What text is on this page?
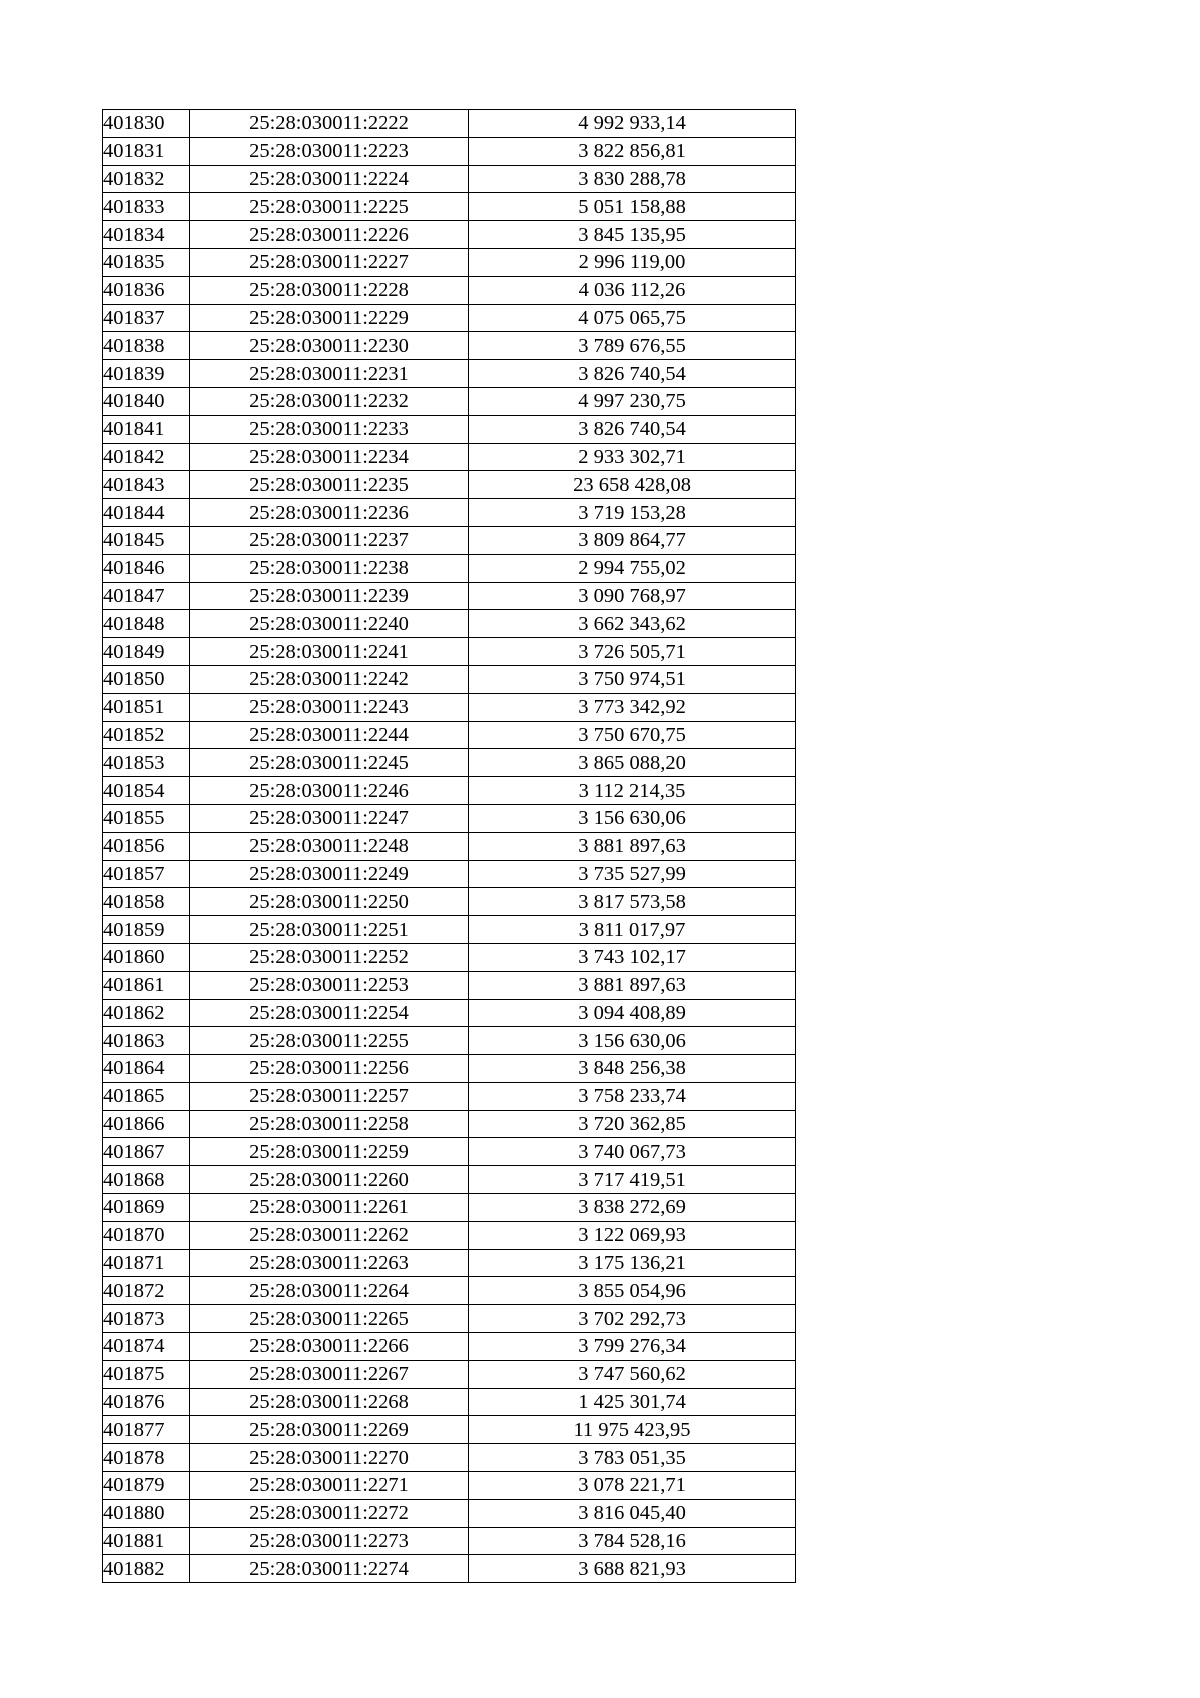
401830	25:28:030011:2222	4 992 933,14
401831	25:28:030011:2223	3 822 856,81
401832	25:28:030011:2224	3 830 288,78
401833	25:28:030011:2225	5 051 158,88
401834	25:28:030011:2226	3 845 135,95
401835	25:28:030011:2227	2 996 119,00
401836	25:28:030011:2228	4 036 112,26
401837	25:28:030011:2229	4 075 065,75
401838	25:28:030011:2230	3 789 676,55
401839	25:28:030011:2231	3 826 740,54
401840	25:28:030011:2232	4 997 230,75
401841	25:28:030011:2233	3 826 740,54
401842	25:28:030011:2234	2 933 302,71
401843	25:28:030011:2235	23 658 428,08
401844	25:28:030011:2236	3 719 153,28
401845	25:28:030011:2237	3 809 864,77
401846	25:28:030011:2238	2 994 755,02
401847	25:28:030011:2239	3 090 768,97
401848	25:28:030011:2240	3 662 343,62
401849	25:28:030011:2241	3 726 505,71
401850	25:28:030011:2242	3 750 974,51
401851	25:28:030011:2243	3 773 342,92
401852	25:28:030011:2244	3 750 670,75
401853	25:28:030011:2245	3 865 088,20
401854	25:28:030011:2246	3 112 214,35
401855	25:28:030011:2247	3 156 630,06
401856	25:28:030011:2248	3 881 897,63
401857	25:28:030011:2249	3 735 527,99
401858	25:28:030011:2250	3 817 573,58
401859	25:28:030011:2251	3 811 017,97
401860	25:28:030011:2252	3 743 102,17
401861	25:28:030011:2253	3 881 897,63
401862	25:28:030011:2254	3 094 408,89
401863	25:28:030011:2255	3 156 630,06
401864	25:28:030011:2256	3 848 256,38
401865	25:28:030011:2257	3 758 233,74
401866	25:28:030011:2258	3 720 362,85
401867	25:28:030011:2259	3 740 067,73
401868	25:28:030011:2260	3 717 419,51
401869	25:28:030011:2261	3 838 272,69
401870	25:28:030011:2262	3 122 069,93
401871	25:28:030011:2263	3 175 136,21
401872	25:28:030011:2264	3 855 054,96
401873	25:28:030011:2265	3 702 292,73
401874	25:28:030011:2266	3 799 276,34
401875	25:28:030011:2267	3 747 560,62
401876	25:28:030011:2268	1 425 301,74
401877	25:28:030011:2269	11 975 423,95
401878	25:28:030011:2270	3 783 051,35
401879	25:28:030011:2271	3 078 221,71
401880	25:28:030011:2272	3 816 045,40
401881	25:28:030011:2273	3 784 528,16
401882	25:28:030011:2274	3 688 821,93
